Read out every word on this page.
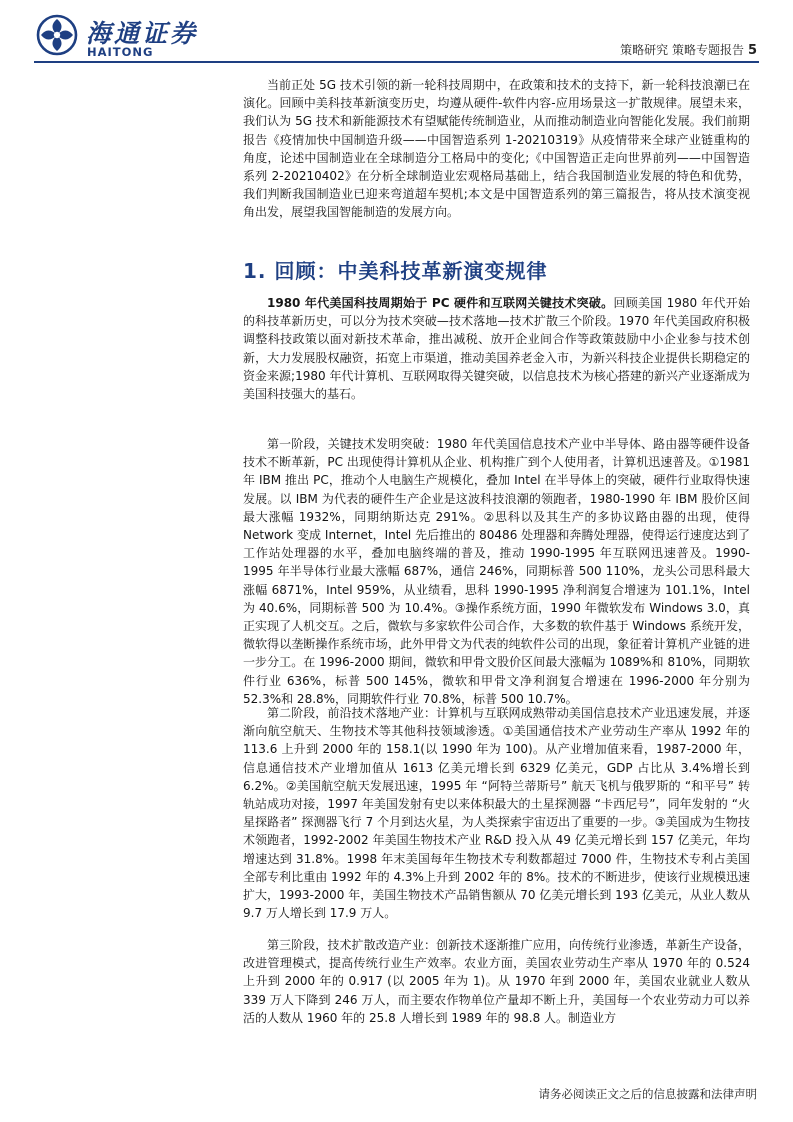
海通证券
HAITONG	策略研究 策略专题报告 5

当前正处 5G 技术引领的新一轮科技周期中，在政策和技术的支持下，新一轮科技浪潮已在演化。回顾中美科技革新演变历史，均遵从硬件-软件内容-应用场景这一扩散规律。展望未来，我们认为 5G 技术和新能源技术有望赋能传统制造业，从而推动制造业向智能化发展。我们前期报告《疫情加快中国制造升级——中国智造系列 1-20210319》从疫情带来全球产业链重构的角度，论述中国制造业在全球制造分工格局中的变化;《中国智造正走向世界前列——中国智造系列 2-20210402》在分析全球制造业宏观格局基础上，结合我国制造业发展的特色和优势，我们判断我国制造业已迎来弯道超车契机;本文是中国智造系列的第三篇报告，将从技术演变视角出发，展望我国智能制造的发展方向。

1. 回顾：中美科技革新演变规律

1980 年代美国科技周期始于 PC 硬件和互联网关键技术突破。回顾美国 1980 年代开始的科技革新历史，可以分为技术突破—技术落地—技术扩散三个阶段。1970 年代美国政府积极调整科技政策以面对新技术革命，推出减税、放开企业间合作等政策鼓励中小企业参与技术创新，大力发展股权融资，拓宽上市渠道，推动美国养老金入市，为新兴科技企业提供长期稳定的资金来源;1980 年代计算机、互联网取得关键突破，以信息技术为核心搭建的新兴产业逐渐成为美国科技强大的基石。

第一阶段，关键技术发明突破：1980 年代美国信息技术产业中半导体、路由器等硬件设备技术不断革新，PC 出现使得计算机从企业、机构推广到个人使用者，计算机迅速普及。①1981 年 IBM 推出 PC，推动个人电脑生产规模化，叠加 Intel 在半导体上的突破，硬件行业取得快速发展。以 IBM 为代表的硬件生产企业是这波科技浪潮的领跑者，1980-1990 年 IBM 股价区间最大涨幅 1932%，同期纳斯达克 291%。②思科以及其生产的多协议路由器的出现，使得 Network 变成 Internet，Intel 先后推出的 80486 处理器和奔腾处理器，使得运行速度达到了工作站处理器的水平，叠加电脑终端的普及，推动 1990-1995 年互联网迅速普及。1990-1995 年半导体行业最大涨幅 687%，通信 246%，同期标普 500 110%，龙头公司思科最大涨幅 6871%，Intel 959%，从业绩看，思科 1990-1995 净利润复合增速为 101.1%，Intel 为 40.6%，同期标普 500 为 10.4%。③操作系统方面，1990 年微软发布 Windows 3.0，真正实现了人机交互。之后，微软与多家软件公司合作，大多数的软件基于 Windows 系统开发，微软得以垄断操作系统市场，此外甲骨文为代表的纯软件公司的出现，象征着计算机产业链的进一步分工。在 1996-2000 期间，微软和甲骨文股价区间最大涨幅为 1089%和 810%，同期软件行业 636%，标普 500 145%，微软和甲骨文净利润复合增速在 1996-2000 年分别为 52.3%和 28.8%，同期软件行业 70.8%，标普 500 10.7%。

第二阶段，前沿技术落地产业：计算机与互联网成熟带动美国信息技术产业迅速发展，并逐渐向航空航天、生物技术等其他科技领域渗透。①美国通信技术产业劳动生产率从 1992 年的 113.6 上升到 2000 年的 158.1(以 1990 年为 100)。从产业增加值来看，1987-2000 年，信息通信技术产业增加值从 1613 亿美元增长到 6329 亿美元，GDP 占比从 3.4%增长到 6.2%。②美国航空航天发展迅速，1995 年 “阿特兰蒂斯号” 航天飞机与俄罗斯的 “和平号” 转轨站成功对接，1997 年美国发射有史以来体积最大的土星探测器 “卡西尼号”，同年发射的 “火星探路者” 探测器飞行 7 个月到达火星，为人类探索宇宙迈出了重要的一步。③美国成为生物技术领跑者，1992-2002 年美国生物技术产业 R&D 投入从 49 亿美元增长到 157 亿美元，年均增速达到 31.8%。1998 年末美国每年生物技术专利数都超过 7000 件，生物技术专利占美国全部专利比重由 1992 年的 4.3%上升到 2002 年的 8%。技术的不断进步，使该行业规模迅速扩大，1993-2000 年，美国生物技术产品销售额从 70 亿美元增长到 193 亿美元，从业人数从 9.7 万人增长到 17.9 万人。

第三阶段，技术扩散改造产业：创新技术逐渐推广应用，向传统行业渗透，革新生产设备，改进管理模式，提高传统行业生产效率。农业方面，美国农业劳动生产率从 1970 年的 0.524 上升到 2000 年的 0.917 (以 2005 年为 1)。从 1970 年到 2000 年，美国农业就业人数从 339 万人下降到 246 万人，而主要农作物单位产量却不断上升，美国每一个农业劳动力可以养活的人数从 1960 年的 25.8 人增长到 1989 年的 98.8 人。制造业方

请务必阅读正文之后的信息披露和法律声明
